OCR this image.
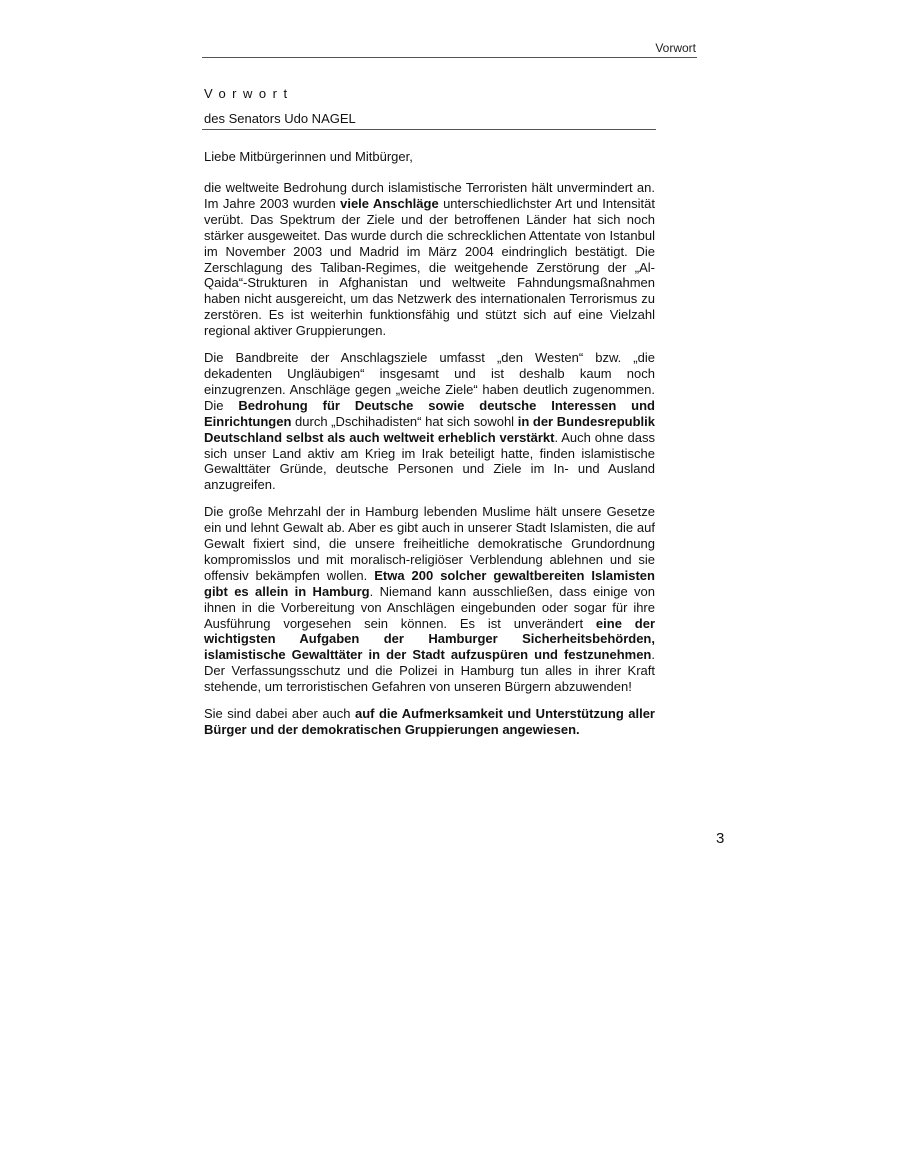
Vorwort
Vorwort
des Senators Udo NAGEL
Liebe Mitbürgerinnen und Mitbürger,

die weltweite Bedrohung durch islamistische Terroristen hält unvermindert an. Im Jahre 2003 wurden viele Anschläge unterschiedlichster Art und Intensität verübt. Das Spektrum der Ziele und der betroffenen Länder hat sich noch stärker ausgeweitet. Das wurde durch die schrecklichen Attentate von Istanbul im November 2003 und Madrid im März 2004 eindringlich bestätigt. Die Zerschlagung des Taliban-Regimes, die weitgehende Zerstörung der „Al-Qaida“-Strukturen in Afghanistan und weltweite Fahndungsmaßnahmen haben nicht ausgereicht, um das Netzwerk des internationalen Terrorismus zu zerstören. Es ist weiterhin funktionsfähig und stützt sich auf eine Vielzahl regional aktiver Gruppierungen.

Die Bandbreite der Anschlagsziele umfasst „den Westen“ bzw. „die dekadenten Ungläubigen“ insgesamt und ist deshalb kaum noch einzugrenzen. Anschläge gegen „weiche Ziele“ haben deutlich zugenommen. Die Bedrohung für Deutsche sowie deutsche Interessen und Einrichtungen durch „Dschihadisten“ hat sich sowohl in der Bundesrepublik Deutschland selbst als auch weltweit erheblich verstärkt. Auch ohne dass sich unser Land aktiv am Krieg im Irak beteiligt hatte, finden islamistische Gewalttäter Gründe, deutsche Personen und Ziele im In- und Ausland anzugreifen.

Die große Mehrzahl der in Hamburg lebenden Muslime hält unsere Gesetze ein und lehnt Gewalt ab. Aber es gibt auch in unserer Stadt Islamisten, die auf Gewalt fixiert sind, die unsere freiheitliche demokratische Grundordnung kompromisslos und mit moralisch-religiöser Verblendung ablehnen und sie offensiv bekämpfen wollen. Etwa 200 solcher gewaltbereiten Islamisten gibt es allein in Hamburg. Niemand kann ausschließen, dass einige von ihnen in die Vorbereitung von Anschlägen eingebunden oder sogar für ihre Ausführung vorgesehen sein können. Es ist unverändert eine der wichtigsten Aufgaben der Hamburger Sicherheitsbehörden, islamistische Gewalttäter in der Stadt aufzuspüren und festzunehmen. Der Verfassungsschutz und die Polizei in Hamburg tun alles in ihrer Kraft stehende, um terroristischen Gefahren von unseren Bürgern abzuwenden!

Sie sind dabei aber auch auf die Aufmerksamkeit und Unterstützung aller Bürger und der demokratischen Gruppierungen angewiesen.

3
